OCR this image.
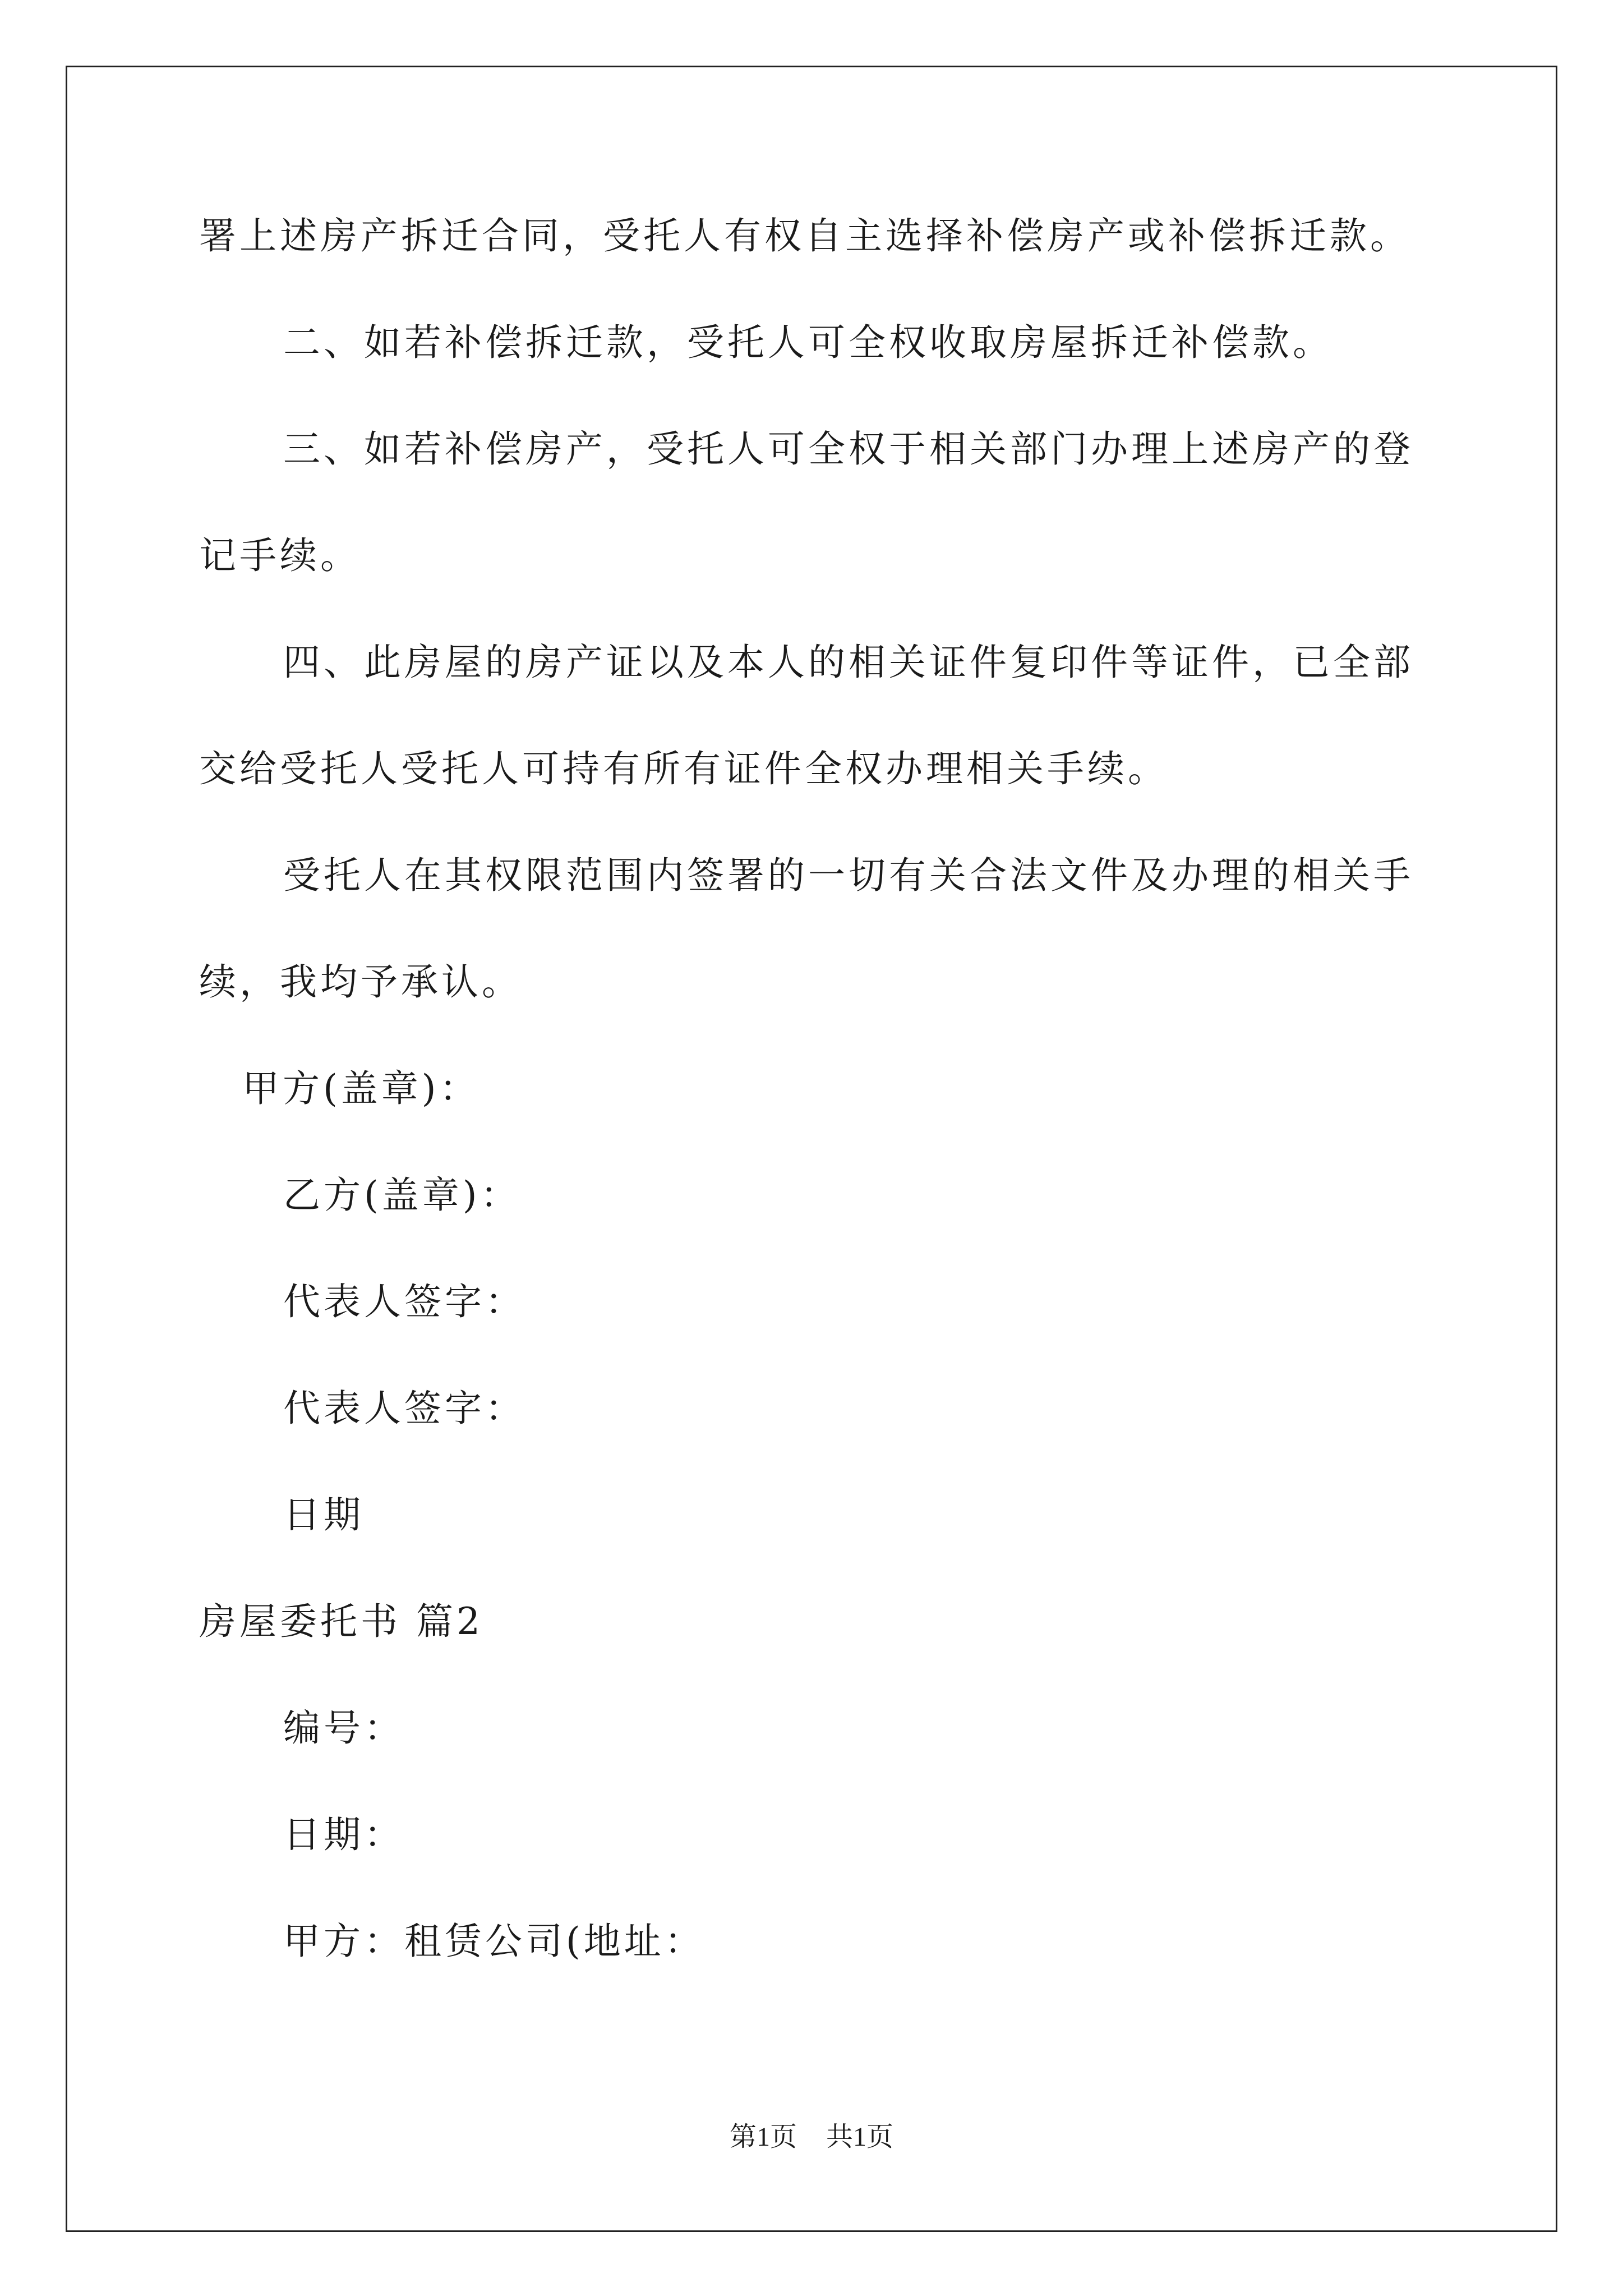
署上述房产拆迁合同，受托人有权自主选择补偿房产或补偿拆迁款。
二、如若补偿拆迁款，受托人可全权收取房屋拆迁补偿款。
三、如若补偿房产，受托人可全权于相关部门办理上述房产的登
记手续。
四、此房屋的房产证以及本人的相关证件复印件等证件，已全部
交给受托人受托人可持有所有证件全权办理相关手续。
受托人在其权限范围内签署的一切有关合法文件及办理的相关手
续，我均予承认。
甲方(盖章)：
乙方(盖章)：
代表人签字：
代表人签字：
日期
房屋委托书 篇2
编号：
日期：
甲方：租赁公司(地址：
第1页 共1页
